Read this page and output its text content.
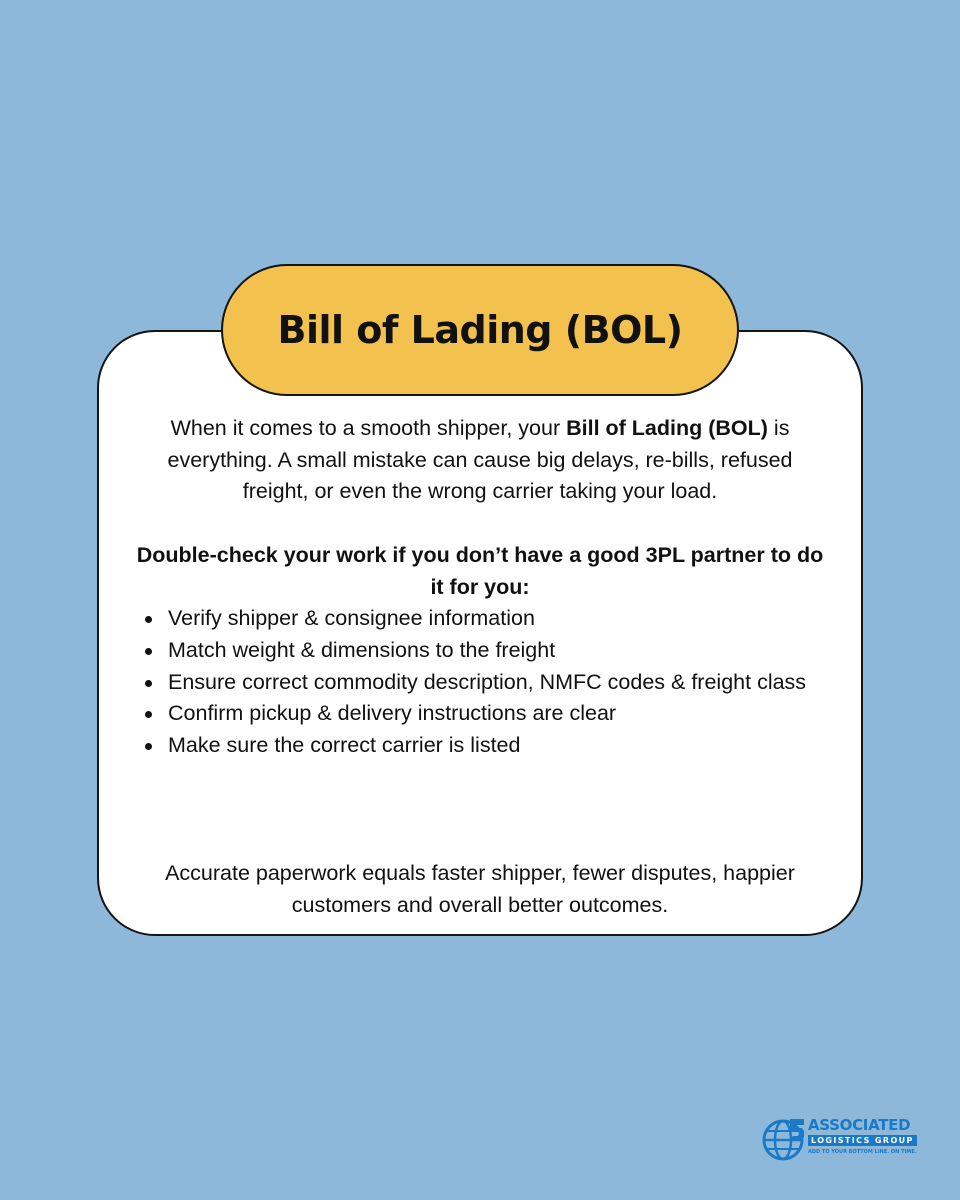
Bill of Lading (BOL)

When it comes to a smooth shipper, your Bill of Lading (BOL) is everything. A small mistake can cause big delays, re-bills, refused freight, or even the wrong carrier taking your load.

Double-check your work if you don’t have a good 3PL partner to do it for you:

Verify shipper & consignee information
Match weight & dimensions to the freight
Ensure correct commodity description, NMFC codes & freight class
Confirm pickup & delivery instructions are clear
Make sure the correct carrier is listed

Accurate paperwork equals faster shipper, fewer disputes, happier customers and overall better outcomes.

ASSOCIATED
LOGISTICS GROUP
ADD TO YOUR BOTTOM LINE. ON TIME.
